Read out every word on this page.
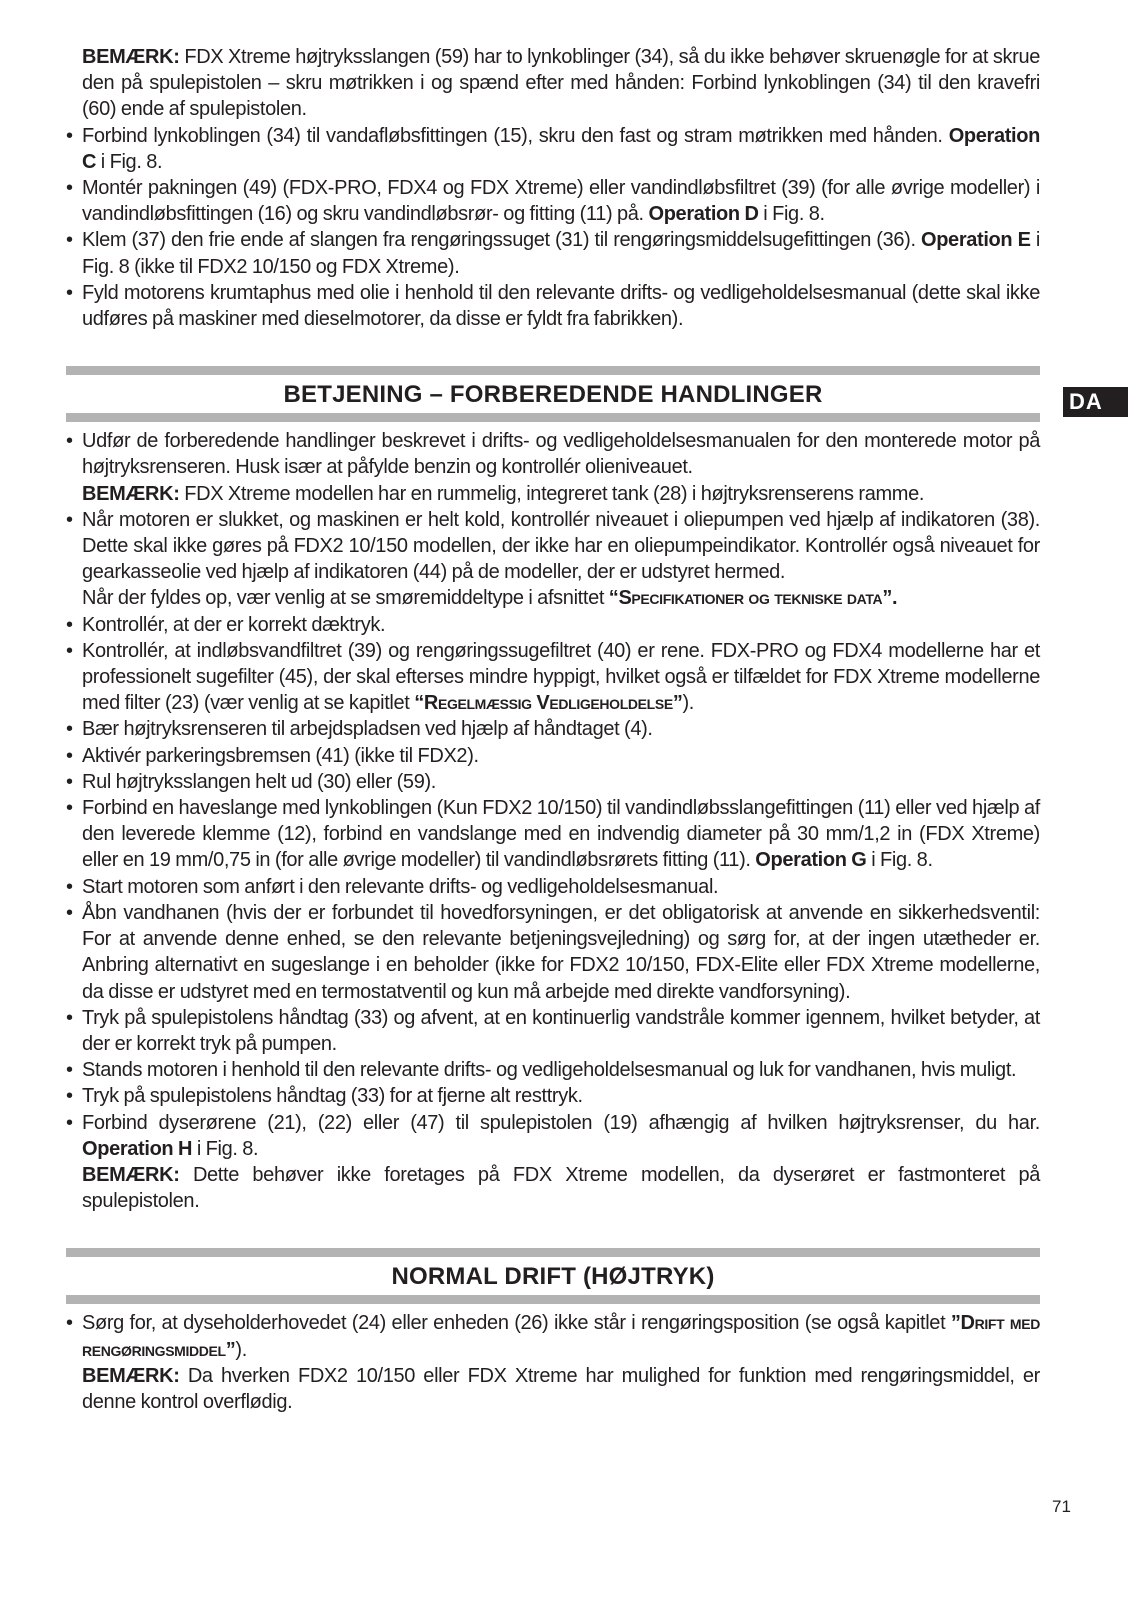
BEMÆRK: FDX Xtreme højtryksslangen (59) har to lynkoblinger (34), så du ikke behøver skruenøgle for at skrue den på spulepistolen – skru møtrikken i og spænd efter med hånden: Forbind lynkoblingen (34) til den kravefri (60) ende af spulepistolen.

• Forbind lynkoblingen (34) til vandafløbsfittingen (15), skru den fast og stram møtrikken med hånden. Operation C i Fig. 8.

• Montér pakningen (49) (FDX-PRO, FDX4 og FDX Xtreme) eller vandindløbsfiltret (39) (for alle øvrige modeller) i vandindløbsfittingen (16) og skru vandindløbsrør- og fitting (11) på. Operation D i Fig. 8.

• Klem (37) den frie ende af slangen fra rengøringssuget (31) til rengøringsmiddelsugefittingen (36). Operation E i Fig. 8 (ikke til FDX2 10/150 og FDX Xtreme).

• Fyld motorens krumtaphus med olie i henhold til den relevante drifts- og vedligeholdelsesmanual (dette skal ikke udføres på maskiner med dieselmotorer, da disse er fyldt fra fabrikken).

BETJENING – FORBEREDENDE HANDLINGER

• Udfør de forberedende handlinger beskrevet i drifts- og vedligeholdelsesmanualen for den monterede motor på højtryksrenseren. Husk især at påfylde benzin og kontrollér olieniveauet.

BEMÆRK: FDX Xtreme modellen har en rummelig, integreret tank (28) i højtryksrenserens ramme.

• Når motoren er slukket, og maskinen er helt kold, kontrollér niveauet i oliepumpen ved hjælp af indikatoren (38). Dette skal ikke gøres på FDX2 10/150 modellen, der ikke har en oliepumpeindikator. Kontrollér også niveauet for gearkasseolie ved hjælp af indikatoren (44) på de modeller, der er udstyret hermed.

Når der fyldes op, vær venlig at se smøremiddeltype i afsnittet “Specifikationer og tekniske data”.

• Kontrollér, at der er korrekt dæktryk.

• Kontrollér, at indløbsvandfiltret (39) og rengøringssugefiltret (40) er rene. FDX-PRO og FDX4 modellerne har et professionelt sugefilter (45), der skal efterses mindre hyppigt, hvilket også er tilfældet for FDX Xtreme modellerne med filter (23) (vær venlig at se kapitlet “Regelmæssig Vedligeholdelse”).

• Bær højtryksrenseren til arbejdspladsen ved hjælp af håndtaget (4).

• Aktivér parkeringsbremsen (41) (ikke til FDX2).

• Rul højtryksslangen helt ud (30) eller (59).

• Forbind en haveslange med lynkoblingen (Kun FDX2 10/150) til vandindløbsslangefittingen (11) eller ved hjælp af den leverede klemme (12), forbind en vandslange med en indvendig diameter på 30 mm/1,2 in (FDX Xtreme) eller en 19 mm/0,75 in (for alle øvrige modeller) til vandindløbsrørets fitting (11). Operation G i Fig. 8.

• Start motoren som anført i den relevante drifts- og vedligeholdelsesmanual.

• Åbn vandhanen (hvis der er forbundet til hovedforsyningen, er det obligatorisk at anvende en sikkerhedsventil: For at anvende denne enhed, se den relevante betjeningsvejledning) og sørg for, at der ingen utætheder er. Anbring alternativt en sugeslange i en beholder (ikke for FDX2 10/150, FDX-Elite eller FDX Xtreme modellerne, da disse er udstyret med en termostatventil og kun må arbejde med direkte vandforsyning).

• Tryk på spulepistolens håndtag (33) og afvent, at en kontinuerlig vandstråle kommer igennem, hvilket betyder, at der er korrekt tryk på pumpen.

• Stands motoren i henhold til den relevante drifts- og vedligeholdelsesmanual og luk for vandhanen, hvis muligt.

• Tryk på spulepistolens håndtag (33) for at fjerne alt resttryk.

• Forbind dyserørene (21), (22) eller (47) til spulepistolen (19) afhængig af hvilken højtryksrenser, du har. Operation H i Fig. 8.

BEMÆRK: Dette behøver ikke foretages på FDX Xtreme modellen, da dyserøret er fastmonteret på spulepistolen.

NORMAL DRIFT (HØJTRYK)

• Sørg for, at dyseholderhovedet (24) eller enheden (26) ikke står i rengøringsposition (se også kapitlet ”Drift med rengøringsmiddel”).

BEMÆRK: Da hverken FDX2 10/150 eller FDX Xtreme har mulighed for funktion med rengøringsmiddel, er denne kontrol overflødig.

DA
71
